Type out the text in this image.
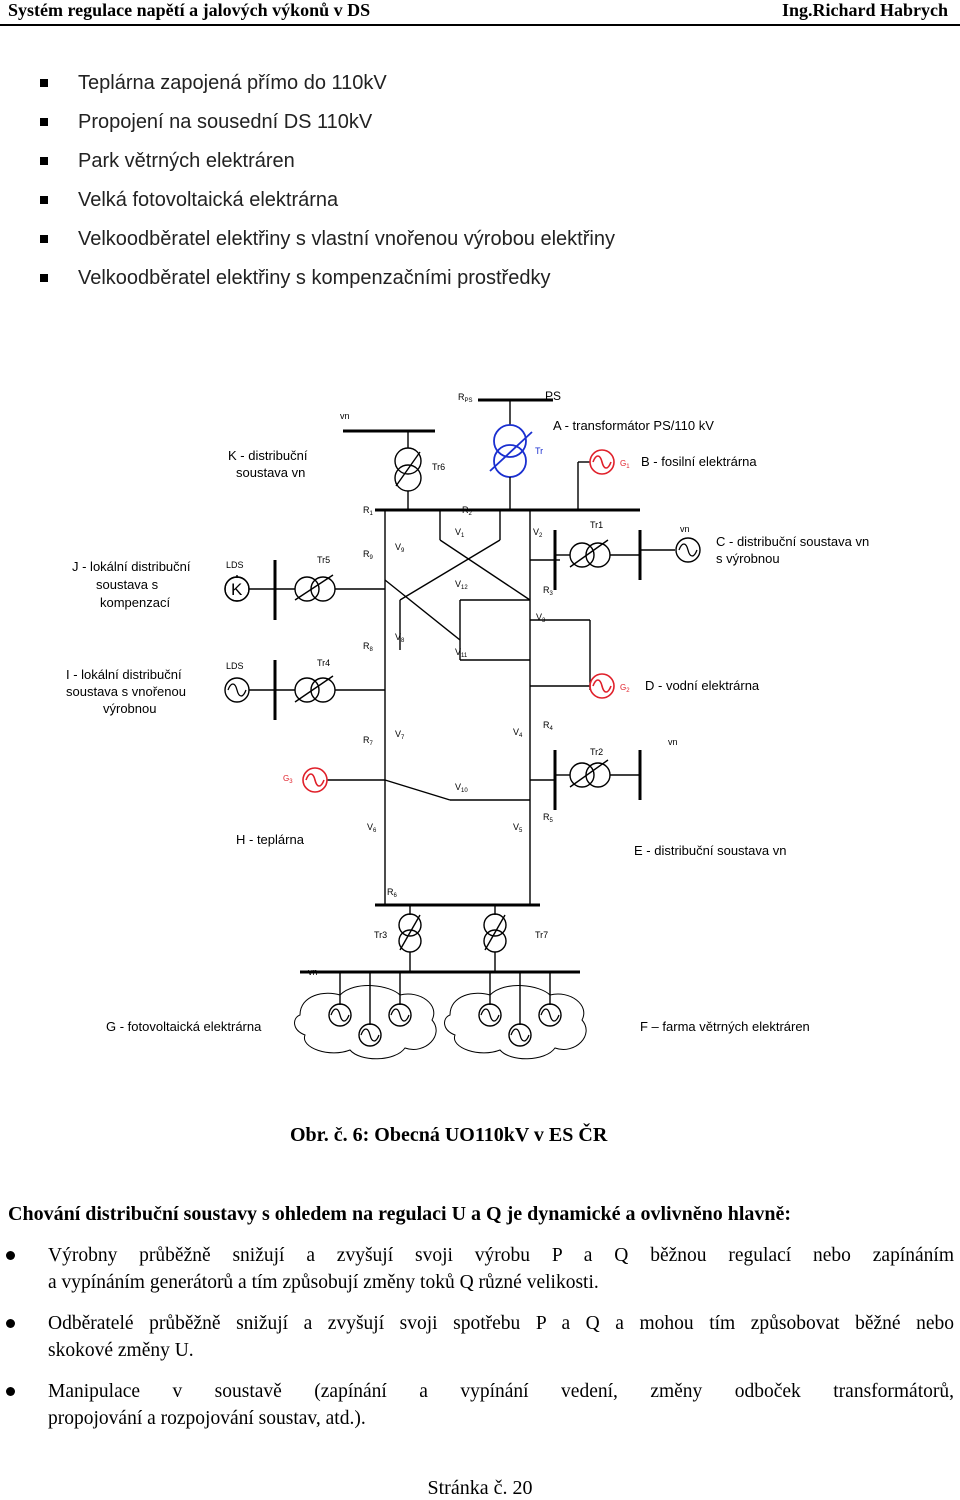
Systém regulace napětí a jalových výkonů v DS	Ing.Richard Habrych
Teplárna zapojená přímo do 110kV
Propojení na sousední DS 110kV
Park větrných elektráren
Velká fotovoltaická elektrárna
Velkoodběratel elektřiny s vlastní vnořenou výrobou elektřiny
Velkoodběratel elektřiny s kompenzačními prostředky
$R_{PS}$	PS
vn
A - transformátor PS/110 kV
Tr
$G_1$ B - fosilní elektrárna
K - distribuční
soustava vn	Tr6
$R_1$	$R_2$
$V_1$	$V_2$
Tr1	vn
C - distribuční soustava vn
s výrobnou
J - lokální distribuční
soustava s
kompenzací
LDS
K
Tr5
$R_9$
$V_9$
$V_{12}$	$R_3$
$V_3$
$R_8$
$V_8$
$V_{11}$
I - lokální distribuční
soustava s vnořenou
výrobnou
LDS	Tr4
$G_2$ D - vodní elektrárna
$R_7$
$V_7$
$V_4$
$R_4$
Tr2
vn
$G_3$	$V_{10}$
H - teplárna
$V_6$	$V_5$
$R_5$
E - distribuční soustava vn
$R_6$
Tr3	Tr7
vn
G - fotovoltaická elektrárna	F – farma větrných elektráren
Obr. č. 6: Obecná UO110kV v ES ČR
Chování distribuční soustavy s ohledem na regulaci U a Q je dynamické a ovlivněno hlavně:
Výrobny průběžně snižují a zvyšují svoji výrobu P a Q běžnou regulací nebo zapínáním
a vypínáním generátorů a tím způsobují změny toků Q různé velikosti.
Odběratelé průběžně snižují a zvyšují svoji spotřebu P a Q a mohou tím způsobovat běžné nebo
skokové změny U.
Manipulace v soustavě (zapínání a vypínání vedení, změny odboček transformátorů,
propojování a rozpojování soustav, atd.).
Stránka č. 20
